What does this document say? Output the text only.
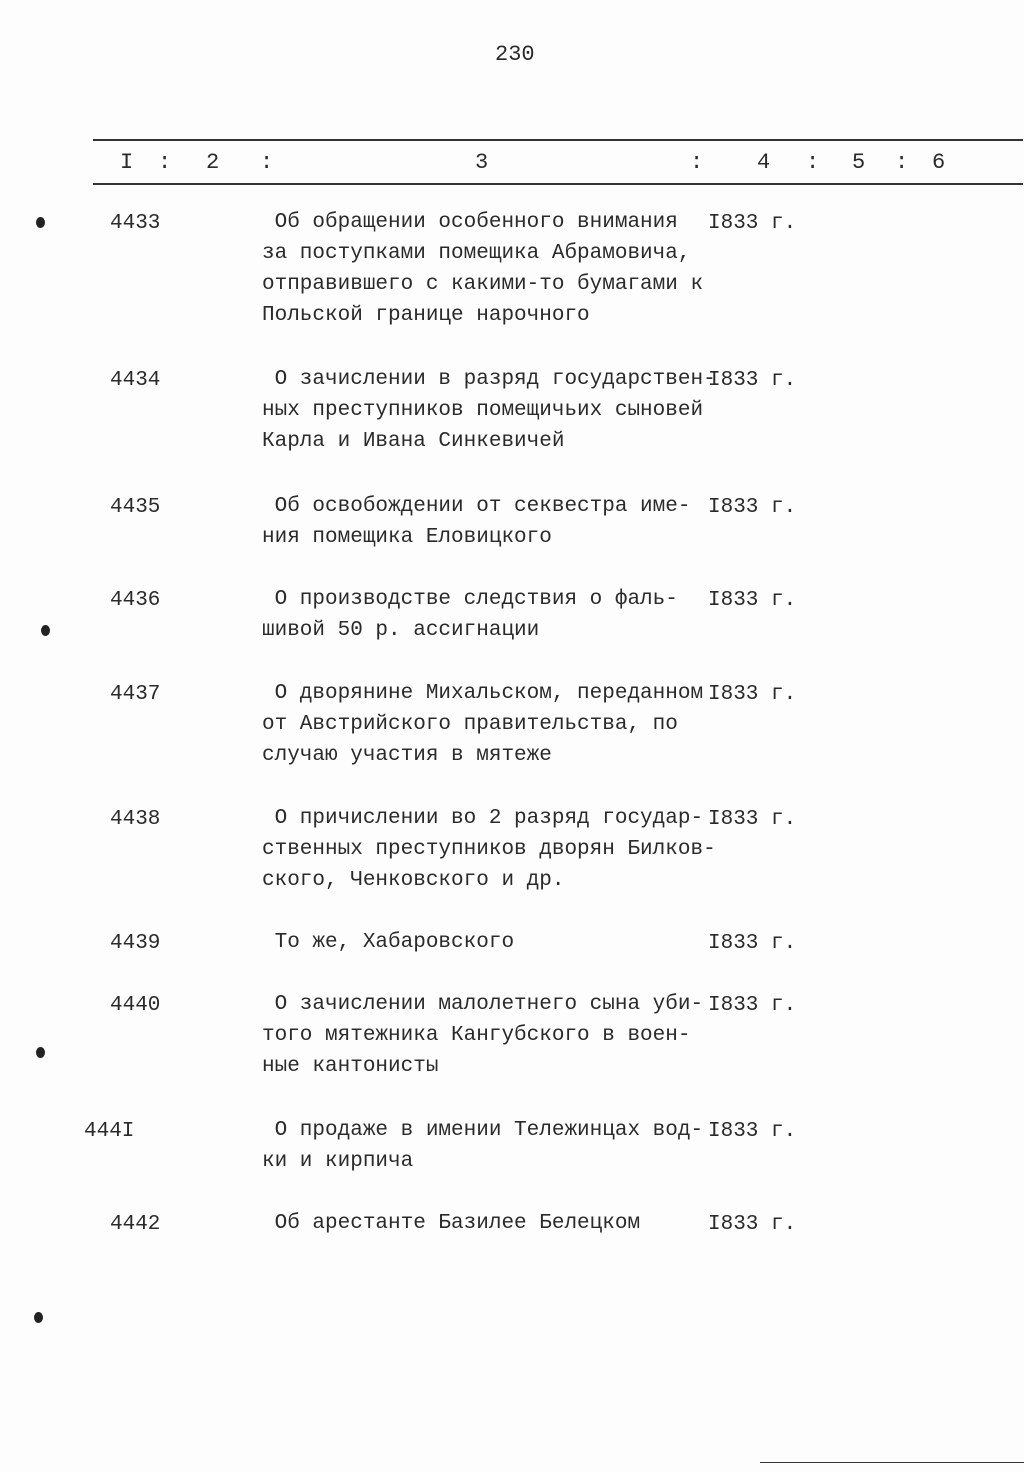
230
I : 2 :	3	: 4 : 5 : 6
4433	Об обращении особенного внимания
за поступками помещика Абрамовича,
отправившего с какими-то бумагами к
Польской границе нарочного
I833 г.
4434	О зачислении в разряд государствен-
ных преступников помещичьих сыновей
Карла и Ивана Синкевичей
I833 г.
4435	Об освобождении от секвестра име-
ния помещика Еловицкого
I833 г.
4436	О производстве следствия о фаль-
шивой 50 р. ассигнации
I833 г.
4437	О дворянине Михальском, переданном
от Австрийского правительства, по
случаю участия в мятеже
I833 г.
4438	О причислении во 2 разряд государ-
ственных преступников дворян Билков-
ского, Ченковского и др.
I833 г.
4439	То же, Хабаровского	I833 г.
4440	О зачислении малолетнего сына уби-
того мятежника Кангубского в воен-
ные кантонисты
I833 г.
444I	О продаже в имении Тележинцах вод-
ки и кирпича
I833 г.
4442	Об арестанте Базилее Белецком	I833 г.
